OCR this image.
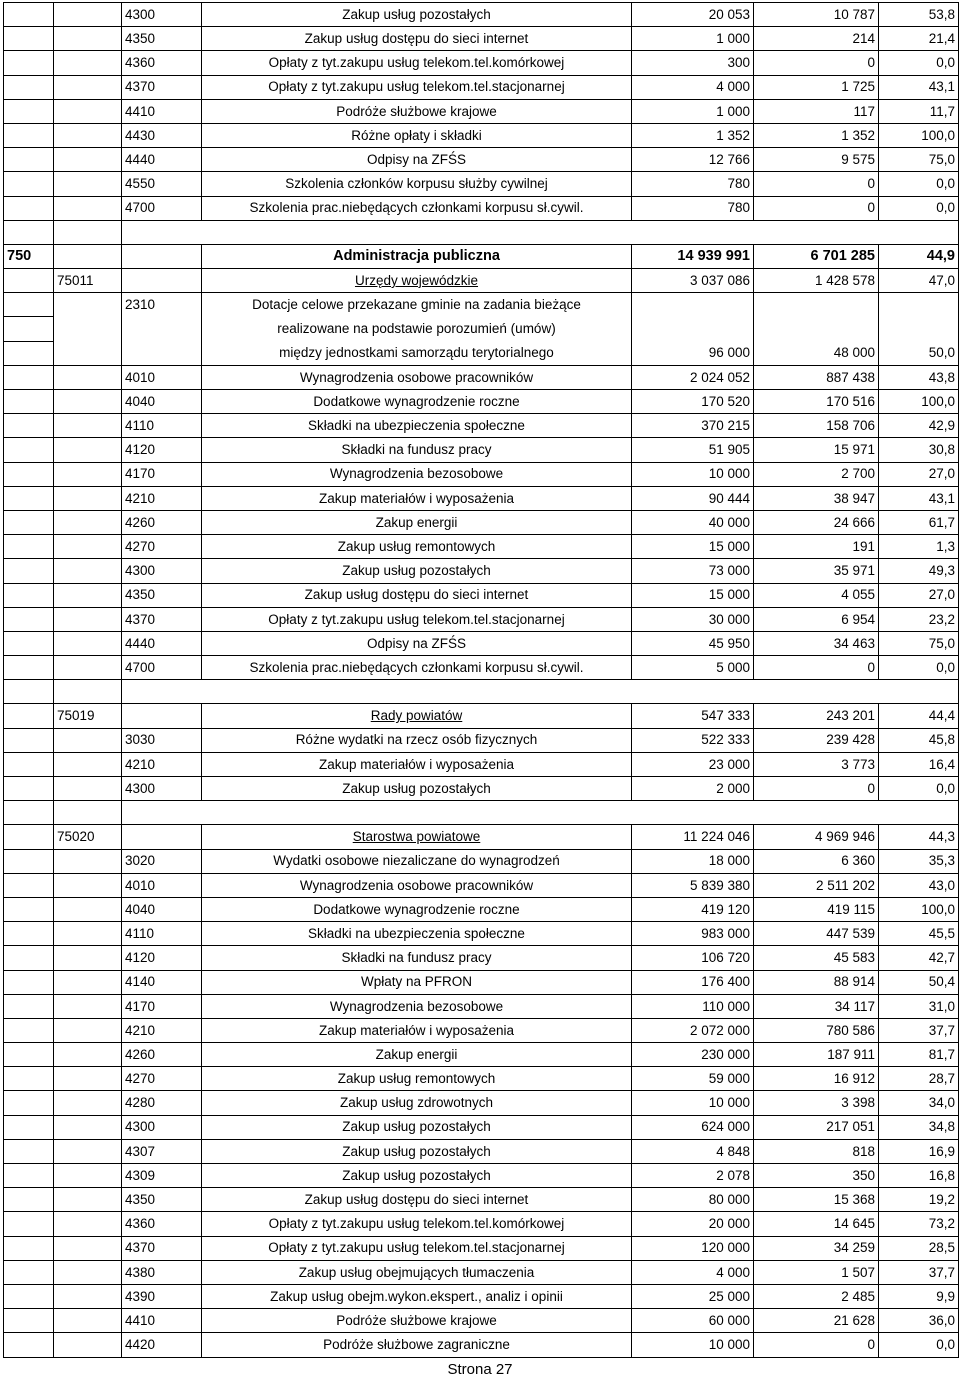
		4300	Zakup usług pozostałych	20 053	10 787	53,8
		4350	Zakup usług dostępu do sieci internet	1 000	214	21,4
		4360	Opłaty z tyt.zakupu usług telekom.tel.komórkowej	300	0	0,0
		4370	Opłaty z tyt.zakupu usług telekom.tel.stacjonarnej	4 000	1 725	43,1
		4410	Podróże służbowe krajowe	1 000	117	11,7
		4430	Różne opłaty i składki	1 352	1 352	100,0
		4440	Odpisy na ZFŚS	12 766	9 575	75,0
		4550	Szkolenia członków korpusu służby cywilnej	780	0	0,0
		4700	Szkolenia prac.niebędących członkami korpusu sł.cywil.	780	0	0,0

750			Administracja publiczna	14 939 991	6 701 285	44,9
	75011		Urzędy wojewódzkie	3 037 086	1 428 578	47,0
		2310	Dotacje celowe przekazane gminie na zadania bieżące			
			realizowane na podstawie porozumień (umów)			
			między jednostkami samorządu terytorialnego	96 000	48 000	50,0
		4010	Wynagrodzenia osobowe pracowników	2 024 052	887 438	43,8
		4040	Dodatkowe wynagrodzenie roczne	170 520	170 516	100,0
		4110	Składki na ubezpieczenia społeczne	370 215	158 706	42,9
		4120	Składki na fundusz pracy	51 905	15 971	30,8
		4170	Wynagrodzenia bezosobowe	10 000	2 700	27,0
		4210	Zakup materiałów i wyposażenia	90 444	38 947	43,1
		4260	Zakup energii	40 000	24 666	61,7
		4270	Zakup usług remontowych	15 000	191	1,3
		4300	Zakup usług pozostałych	73 000	35 971	49,3
		4350	Zakup usług dostępu do sieci internet	15 000	4 055	27,0
		4370	Opłaty z tyt.zakupu usług telekom.tel.stacjonarnej	30 000	6 954	23,2
		4440	Odpisy na ZFŚS	45 950	34 463	75,0
		4700	Szkolenia prac.niebędących członkami korpusu sł.cywil.	5 000	0	0,0

	75019		Rady powiatów	547 333	243 201	44,4
		3030	Różne wydatki na rzecz osób fizycznych	522 333	239 428	45,8
		4210	Zakup materiałów i wyposażenia	23 000	3 773	16,4
		4300	Zakup usług pozostałych	2 000	0	0,0

	75020		Starostwa powiatowe	11 224 046	4 969 946	44,3
		3020	Wydatki osobowe niezaliczane do wynagrodzeń	18 000	6 360	35,3
		4010	Wynagrodzenia osobowe pracowników	5 839 380	2 511 202	43,0
		4040	Dodatkowe wynagrodzenie roczne	419 120	419 115	100,0
		4110	Składki na ubezpieczenia społeczne	983 000	447 539	45,5
		4120	Składki na fundusz pracy	106 720	45 583	42,7
		4140	Wpłaty na PFRON	176 400	88 914	50,4
		4170	Wynagrodzenia bezosobowe	110 000	34 117	31,0
		4210	Zakup materiałów i wyposażenia	2 072 000	780 586	37,7
		4260	Zakup energii	230 000	187 911	81,7
		4270	Zakup usług remontowych	59 000	16 912	28,7
		4280	Zakup usług zdrowotnych	10 000	3 398	34,0
		4300	Zakup usług pozostałych	624 000	217 051	34,8
		4307	Zakup usług pozostałych	4 848	818	16,9
		4309	Zakup usług pozostałych	2 078	350	16,8
		4350	Zakup usług dostępu do sieci internet	80 000	15 368	19,2
		4360	Opłaty z tyt.zakupu usług telekom.tel.komórkowej	20 000	14 645	73,2
		4370	Opłaty z tyt.zakupu usług telekom.tel.stacjonarnej	120 000	34 259	28,5
		4380	Zakup usług obejmujących tłumaczenia	4 000	1 507	37,7
		4390	Zakup usług obejm.wykon.ekspert., analiz i opinii	25 000	2 485	9,9
		4410	Podróże służbowe krajowe	60 000	21 628	36,0
		4420	Podróże służbowe zagraniczne	10 000	0	0,0
Strona 27
